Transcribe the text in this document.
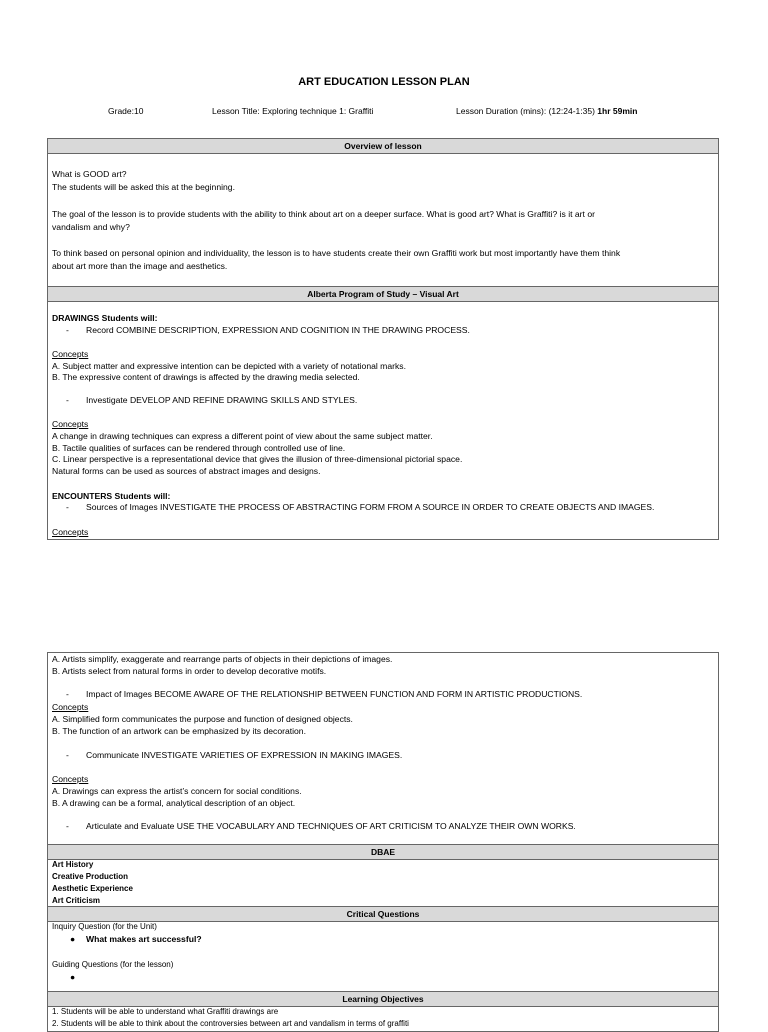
ART EDUCATION LESSON PLAN
Grade:10	Lesson Title: Exploring technique 1: Graffiti	Lesson Duration (mins): (12:24-1:35) 1hr 59min
Overview of lesson
What is GOOD art?
The students will be asked this at the beginning.
The goal of the lesson is to provide students with the ability to think about art on a deeper surface. What is good art? What is Graffiti? is it art or
vandalism and why?
To think based on personal opinion and individuality, the lesson is to have students create their own Graffiti work but most importantly have them think
about art more than the image and aesthetics.
Alberta Program of Study – Visual Art
DRAWINGS Students will:
- Record COMBINE DESCRIPTION, EXPRESSION AND COGNITION IN THE DRAWING PROCESS.
Concepts
A. Subject matter and expressive intention can be depicted with a variety of notational marks.
B. The expressive content of drawings is affected by the drawing media selected.
- Investigate DEVELOP AND REFINE DRAWING SKILLS AND STYLES.
Concepts
A change in drawing techniques can express a different point of view about the same subject matter.
B. Tactile qualities of surfaces can be rendered through controlled use of line.
C. Linear perspective is a representational device that gives the illusion of three-dimensional pictorial space.
Natural forms can be used as sources of abstract images and designs.
ENCOUNTERS Students will:
- Sources of Images INVESTIGATE THE PROCESS OF ABSTRACTING FORM FROM A SOURCE IN ORDER TO CREATE OBJECTS AND IMAGES.
Concepts
A. Artists simplify, exaggerate and rearrange parts of objects in their depictions of images.
B. Artists select from natural forms in order to develop decorative motifs.
- Impact of Images BECOME AWARE OF THE RELATIONSHIP BETWEEN FUNCTION AND FORM IN ARTISTIC PRODUCTIONS.
Concepts
A. Simplified form communicates the purpose and function of designed objects.
B. The function of an artwork can be emphasized by its decoration.
- Communicate INVESTIGATE VARIETIES OF EXPRESSION IN MAKING IMAGES.
Concepts
A. Drawings can express the artist’s concern for social conditions.
B. A drawing can be a formal, analytical description of an object.
- Articulate and Evaluate USE THE VOCABULARY AND TECHNIQUES OF ART CRITICISM TO ANALYZE THEIR OWN WORKS.
DBAE
Art History
Creative Production
Aesthetic Experience
Art Criticism
Critical Questions
Inquiry Question (for the Unit)
● What makes art successful?
Guiding Questions (for the lesson)
●
Learning Objectives
1. Students will be able to understand what Graffiti drawings are
2. Students will be able to think about the controversies between art and vandalism in terms of graffiti
